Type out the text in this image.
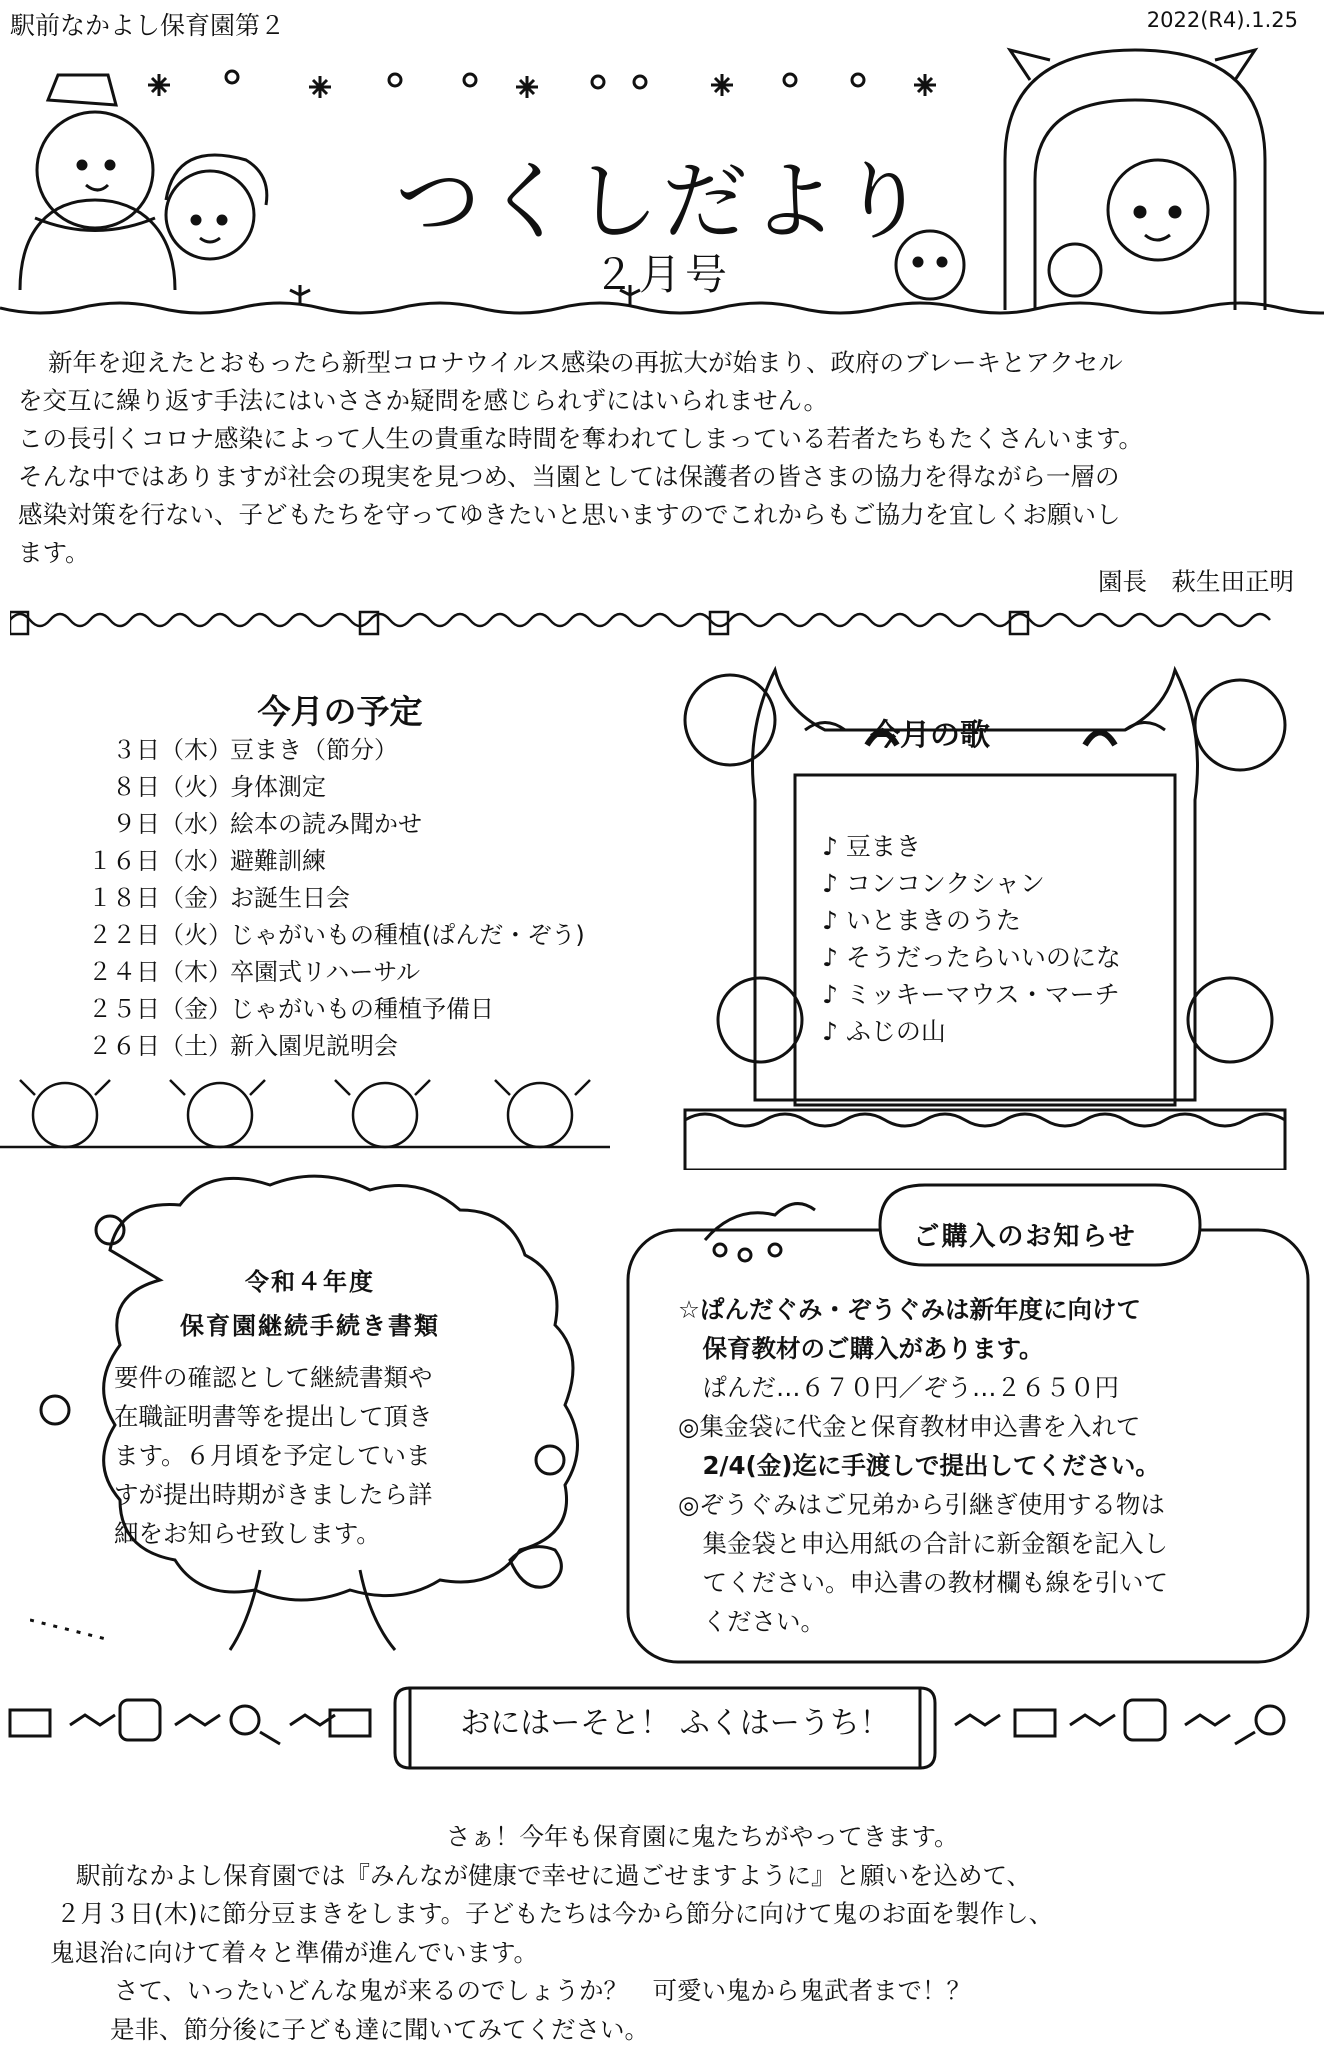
駅前なかよし保育園第２	2022(R4).1.25
つくしだより
２月号

新年を迎えたとおもったら新型コロナウイルス感染の再拡大が始まり、政府のブレーキとアクセル

を交互に繰り返す手法にはいささか疑問を感じられずにはいられません。

この長引くコロナ感染によって人生の貴重な時間を奪われてしまっている若者たちもたくさんいます。

そんな中ではありますが社会の現実を見つめ、当園としては保護者の皆さまの協力を得ながら一層の

感染対策を行ない、子どもたちを守ってゆきたいと思いますのでこれからもご協力を宜しくお願いし

ます。

園長　萩生田正明
今月の予定
３日 （木）
豆まき（節分）
８日 （火）
身体測定
９日 （水）
絵本の読み聞かせ
１６日 （水）
避難訓練
１８日 （金）
お誕生日会
２２日 （火）
じゃがいもの種植(ぱんだ・ぞう)
２４日 （木）
卒園式リハーサル
２５日 （金）
じゃがいもの種植予備日
２６日 （土）
新入園児説明会
今月の歌
♪ 豆まき
♪ コンコンクシャン
♪ いとまきのうた
♪ そうだったらいいのにな
♪ ミッキーマウス・マーチ
♪ ふじの山
令和４年度
保育園継続手続き書類
要件の確認として継続書類や
在職証明書等を提出して頂き
ます。６月頃を予定していま
すが提出時期がきましたら詳
細をお知らせ致します。
ご購入のお知らせ
☆ぱんだぐみ・ぞうぐみは新年度に向けて
　保育教材のご購入があります。
　ぱんだ…６７０円／ぞう…２６５０円
◎集金袋に代金と保育教材申込書を入れて
　2/4(金)迄に手渡しで提出してください。
◎ぞうぐみはご兄弟から引継ぎ使用する物は
　集金袋と申込用紙の合計に新金額を記入し
　てください。申込書の教材欄も線を引いて
　ください。
おにはーそと！ ふくはーうち！
さぁ！今年も保育園に鬼たちがやってきます。
駅前なかよし保育園では『みんなが健康で幸せに過ごせますように』と願いを込めて、
２月３日(木)に節分豆まきをします。子どもたちは今から節分に向けて鬼のお面を製作し、
鬼退治に向けて着々と準備が進んでいます。
さて、いったいどんな鬼が来るのでしょうか？　可愛い鬼から鬼武者まで！？
是非、節分後に子ども達に聞いてみてください。
